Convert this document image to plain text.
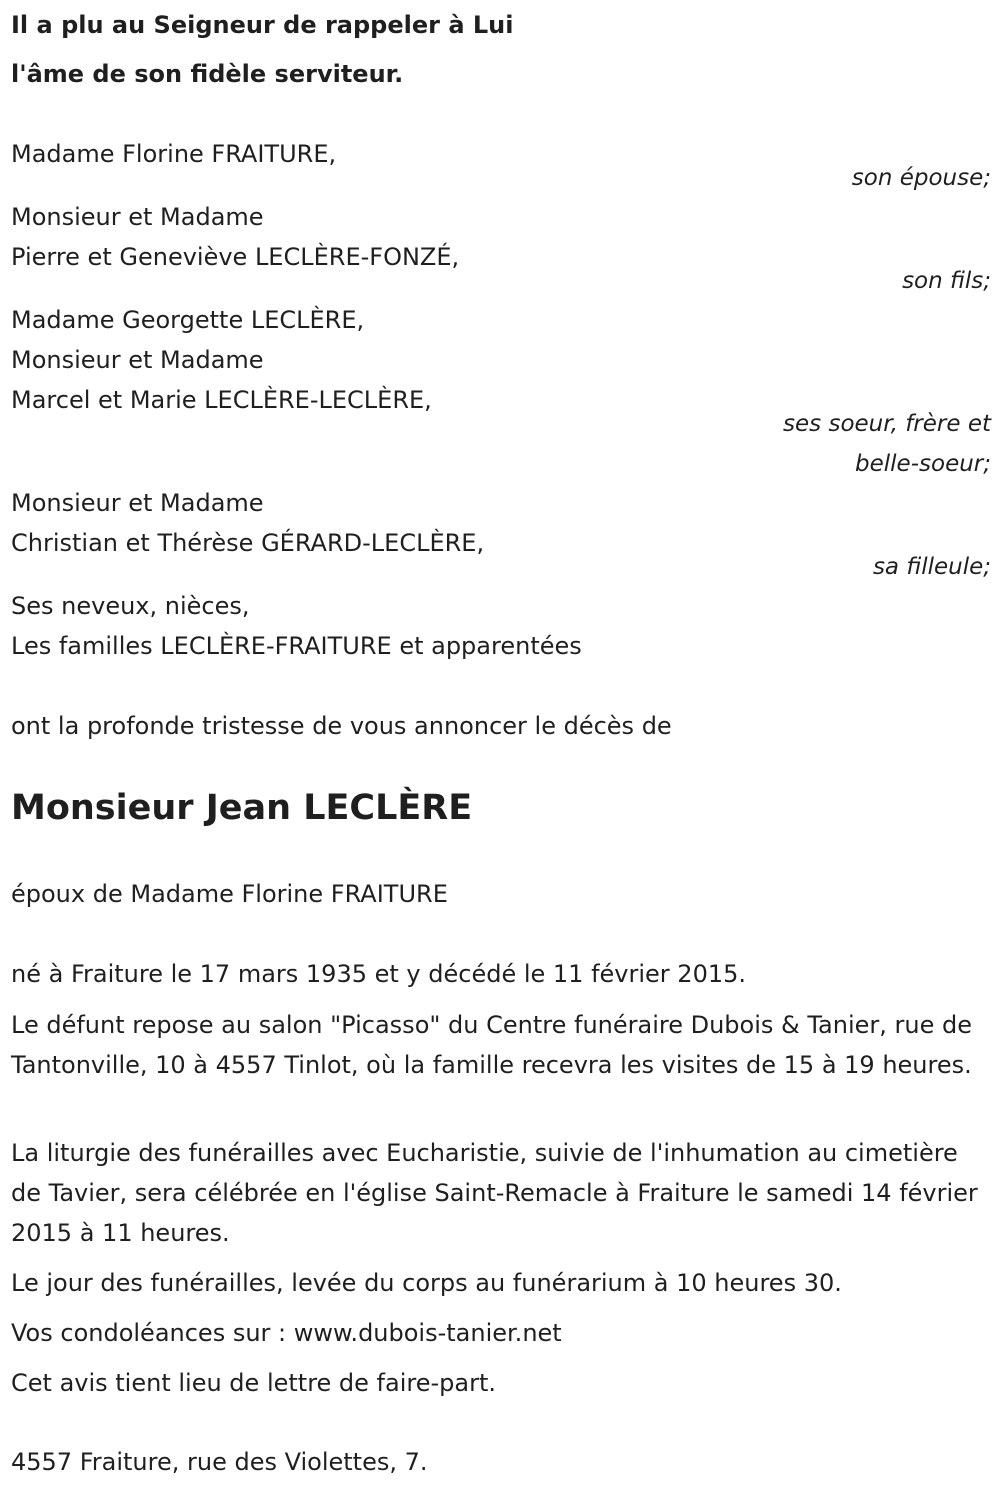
Il a plu au Seigneur de rappeler à Lui
l'âme de son fidèle serviteur.
Madame Florine FRAITURE,
son épouse;
Monsieur et Madame
Pierre et Geneviève LECLÈRE-FONZÉ,
son fils;
Madame Georgette LECLÈRE,
Monsieur et Madame
Marcel et Marie LECLÈRE-LECLÈRE,
ses soeur, frère et
belle-soeur;
Monsieur et Madame
Christian et Thérèse GÉRARD-LECLÈRE,
sa filleule;
Ses neveux, nièces,
Les familles LECLÈRE-FRAITURE et apparentées
ont la profonde tristesse de vous annoncer le décès de
Monsieur Jean LECLÈRE
époux de Madame Florine FRAITURE
né à Fraiture le 17 mars 1935 et y décédé le 11 février 2015.
Le défunt repose au salon "Picasso" du Centre funéraire Dubois & Tanier, rue de Tantonville, 10 à 4557 Tinlot, où la famille recevra les visites de 15 à 19 heures.
La liturgie des funérailles avec Eucharistie, suivie de l'inhumation au cimetière de Tavier, sera célébrée en l'église Saint-Remacle à Fraiture le samedi 14 février 2015 à 11 heures.
Le jour des funérailles, levée du corps au funérarium à 10 heures 30.
Vos condoléances sur : www.dubois-tanier.net
Cet avis tient lieu de lettre de faire-part.
4557 Fraiture, rue des Violettes, 7.
